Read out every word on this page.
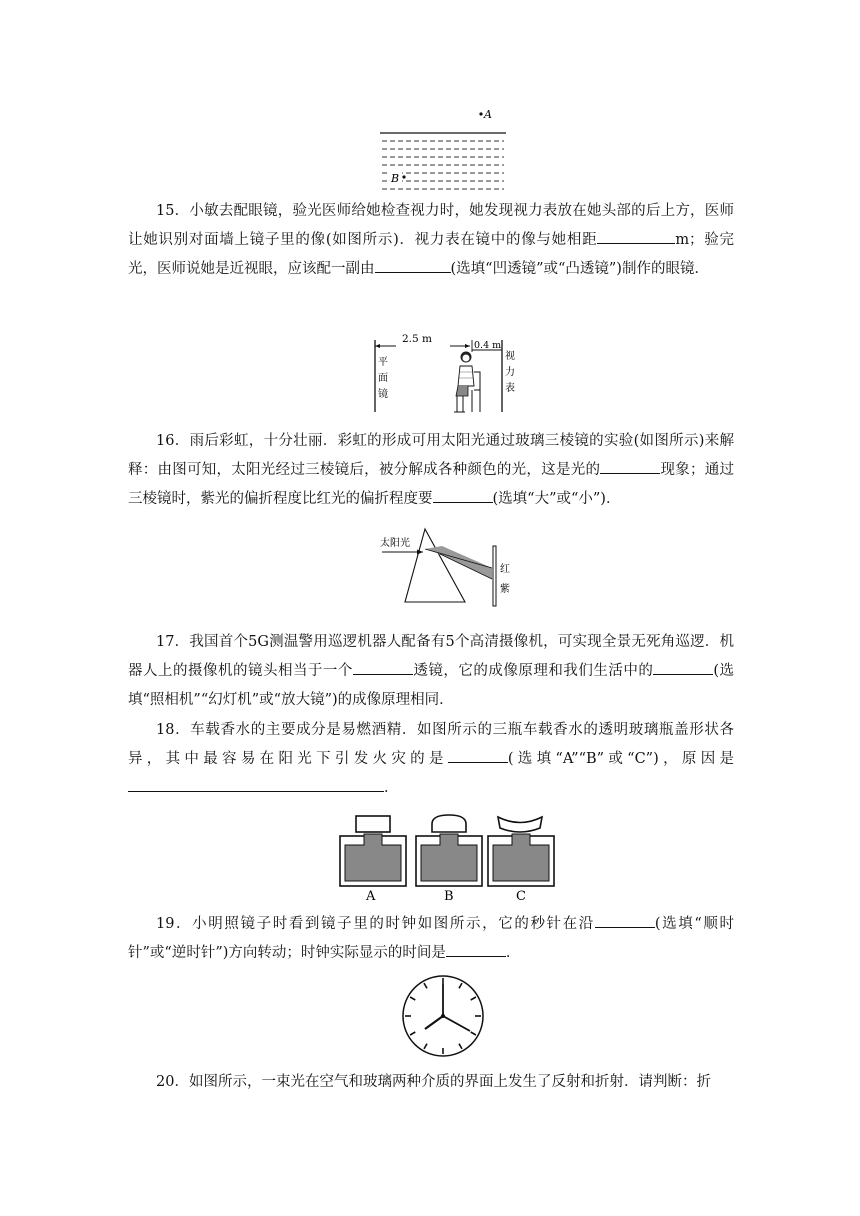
A
B

15．小敏去配眼镜，验光医师给她检查视力时，她发现视力表放在她头部的后上方，医师让她识别对面墙上镜子里的像(如图所示)．视力表在镜中的像与她相距	m；验完光，医师说她是近视眼，应该配一副由	(选填“凹透镜”或“凸透镜”)制作的眼镜．

2.5 m
0.4 m
平
面
镜
视
力
表

16．雨后彩虹，十分壮丽．彩虹的形成可用太阳光通过玻璃三棱镜的实验(如图所示)来解释：由图可知，太阳光经过三棱镜后，被分解成各种颜色的光，这是光的	现象；通过三棱镜时，紫光的偏折程度比红光的偏折程度要	(选填“大”或“小”)．

太阳光
红
紫

17．我国首个5G测温警用巡逻机器人配备有5个高清摄像机，可实现全景无死角巡逻．机器人上的摄像机的镜头相当于一个	透镜，它的成像原理和我们生活中的	(选填“照相机”“幻灯机”或“放大镜”)的成像原理相同．

18．车载香水的主要成分是易燃酒精．如图所示的三瓶车载香水的透明玻璃瓶盖形状各异，其中最容易在阳光下引发火灾的是	(选填“A”“B”或“C”)，原因是．

A	B	C

19．小明照镜子时看到镜子里的时钟如图所示，它的秒针在沿	(选填“顺时针”或“逆时针”)方向转动；时钟实际显示的时间是	．

20．如图所示，一束光在空气和玻璃两种介质的界面上发生了反射和折射．请判断：折
